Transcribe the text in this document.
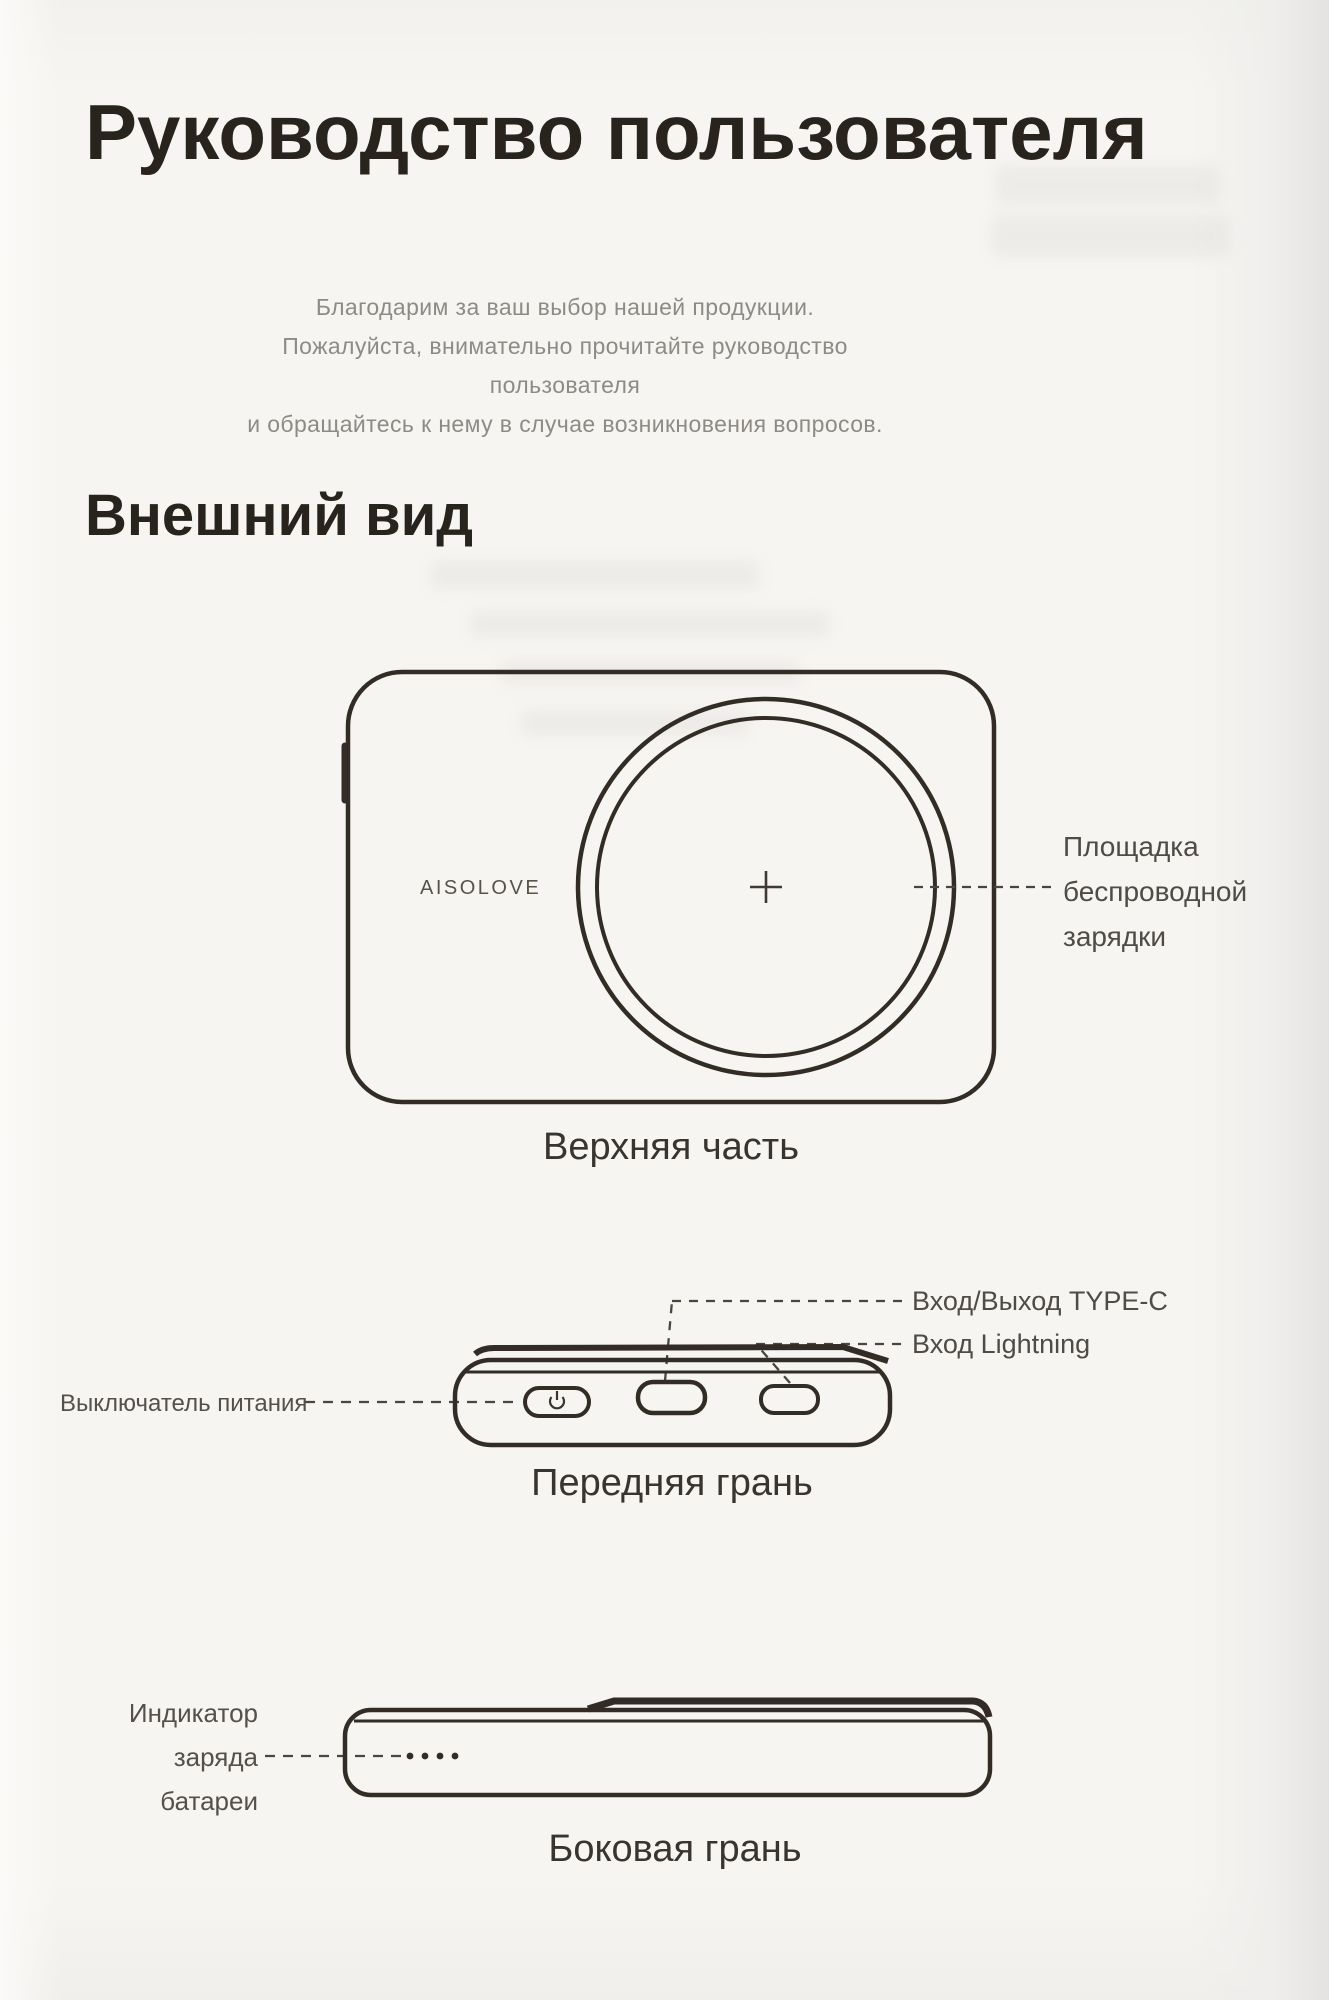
Руководство пользователя
Благодарим за ваш выбор нашей продукции.
Пожалуйста, внимательно прочитайте руководство пользователя
и обращайтесь к нему в случае возникновения вопросов.
Внешний вид
AISOLOVE
Площадка
беспроводной
зарядки
Верхняя часть
Вход/Выход TYPE-C
Вход Lightning
Выключатель питания
Передняя грань
Индикатор
заряда
батареи
Боковая грань
